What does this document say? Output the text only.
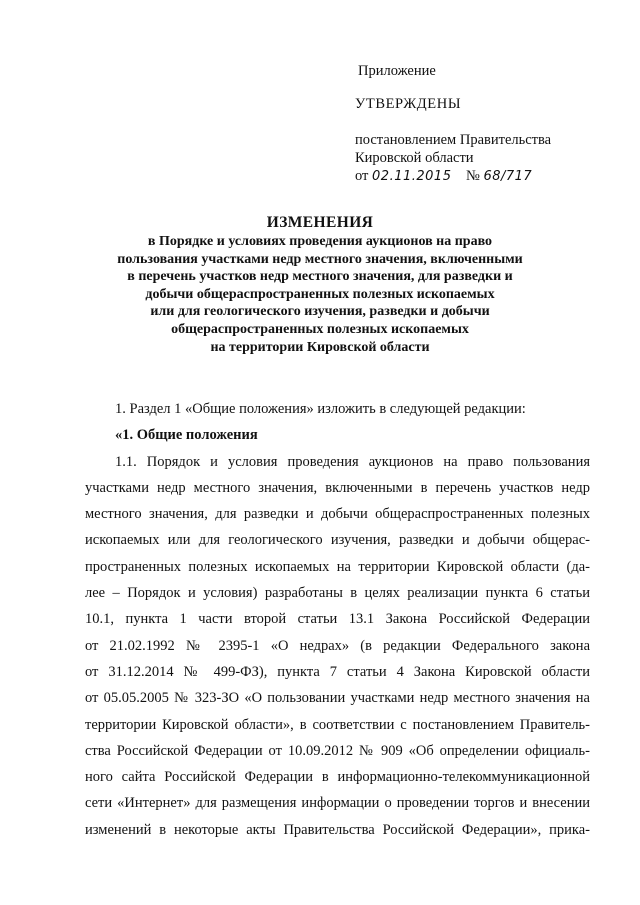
Приложение
УТВЕРЖДЕНЫ
постановлением Правительства
Кировской области
от 02.11.2015 № 68/717
ИЗМЕНЕНИЯ
в Порядке и условиях проведения аукционов на право
пользования участками недр местного значения, включенными
в перечень участков недр местного значения, для разведки и
добычи общераспространенных полезных ископаемых
или для геологического изучения, разведки и добычи
общераспространенных полезных ископаемых
на территории Кировской области
1. Раздел 1 «Общие положения» изложить в следующей редакции:
«1. Общие положения
1.1. Порядок и условия проведения аукционов на право пользования
участками недр местного значения, включенными в перечень участков недр
местного значения, для разведки и добычи общераспространенных полезных
ископаемых или для геологического изучения, разведки и добычи общерас-
пространенных полезных ископаемых на территории Кировской области (да-
лее – Порядок и условия) разработаны в целях реализации пункта 6 статьи
10.1, пункта 1 части второй статьи 13.1 Закона Российской Федерации
от 21.02.1992 № 2395-1 «О недрах» (в редакции Федерального закона
от 31.12.2014 № 499-ФЗ), пункта 7 статьи 4 Закона Кировской области
от 05.05.2005 № 323-ЗО «О пользовании участками недр местного значения на
территории Кировской области», в соответствии с постановлением Правитель-
ства Российской Федерации от 10.09.2012 № 909 «Об определении официаль-
ного сайта Российской Федерации в информационно-телекоммуникационной
сети «Интернет» для размещения информации о проведении торгов и внесении
изменений в некоторые акты Правительства Российской Федерации», прика-
